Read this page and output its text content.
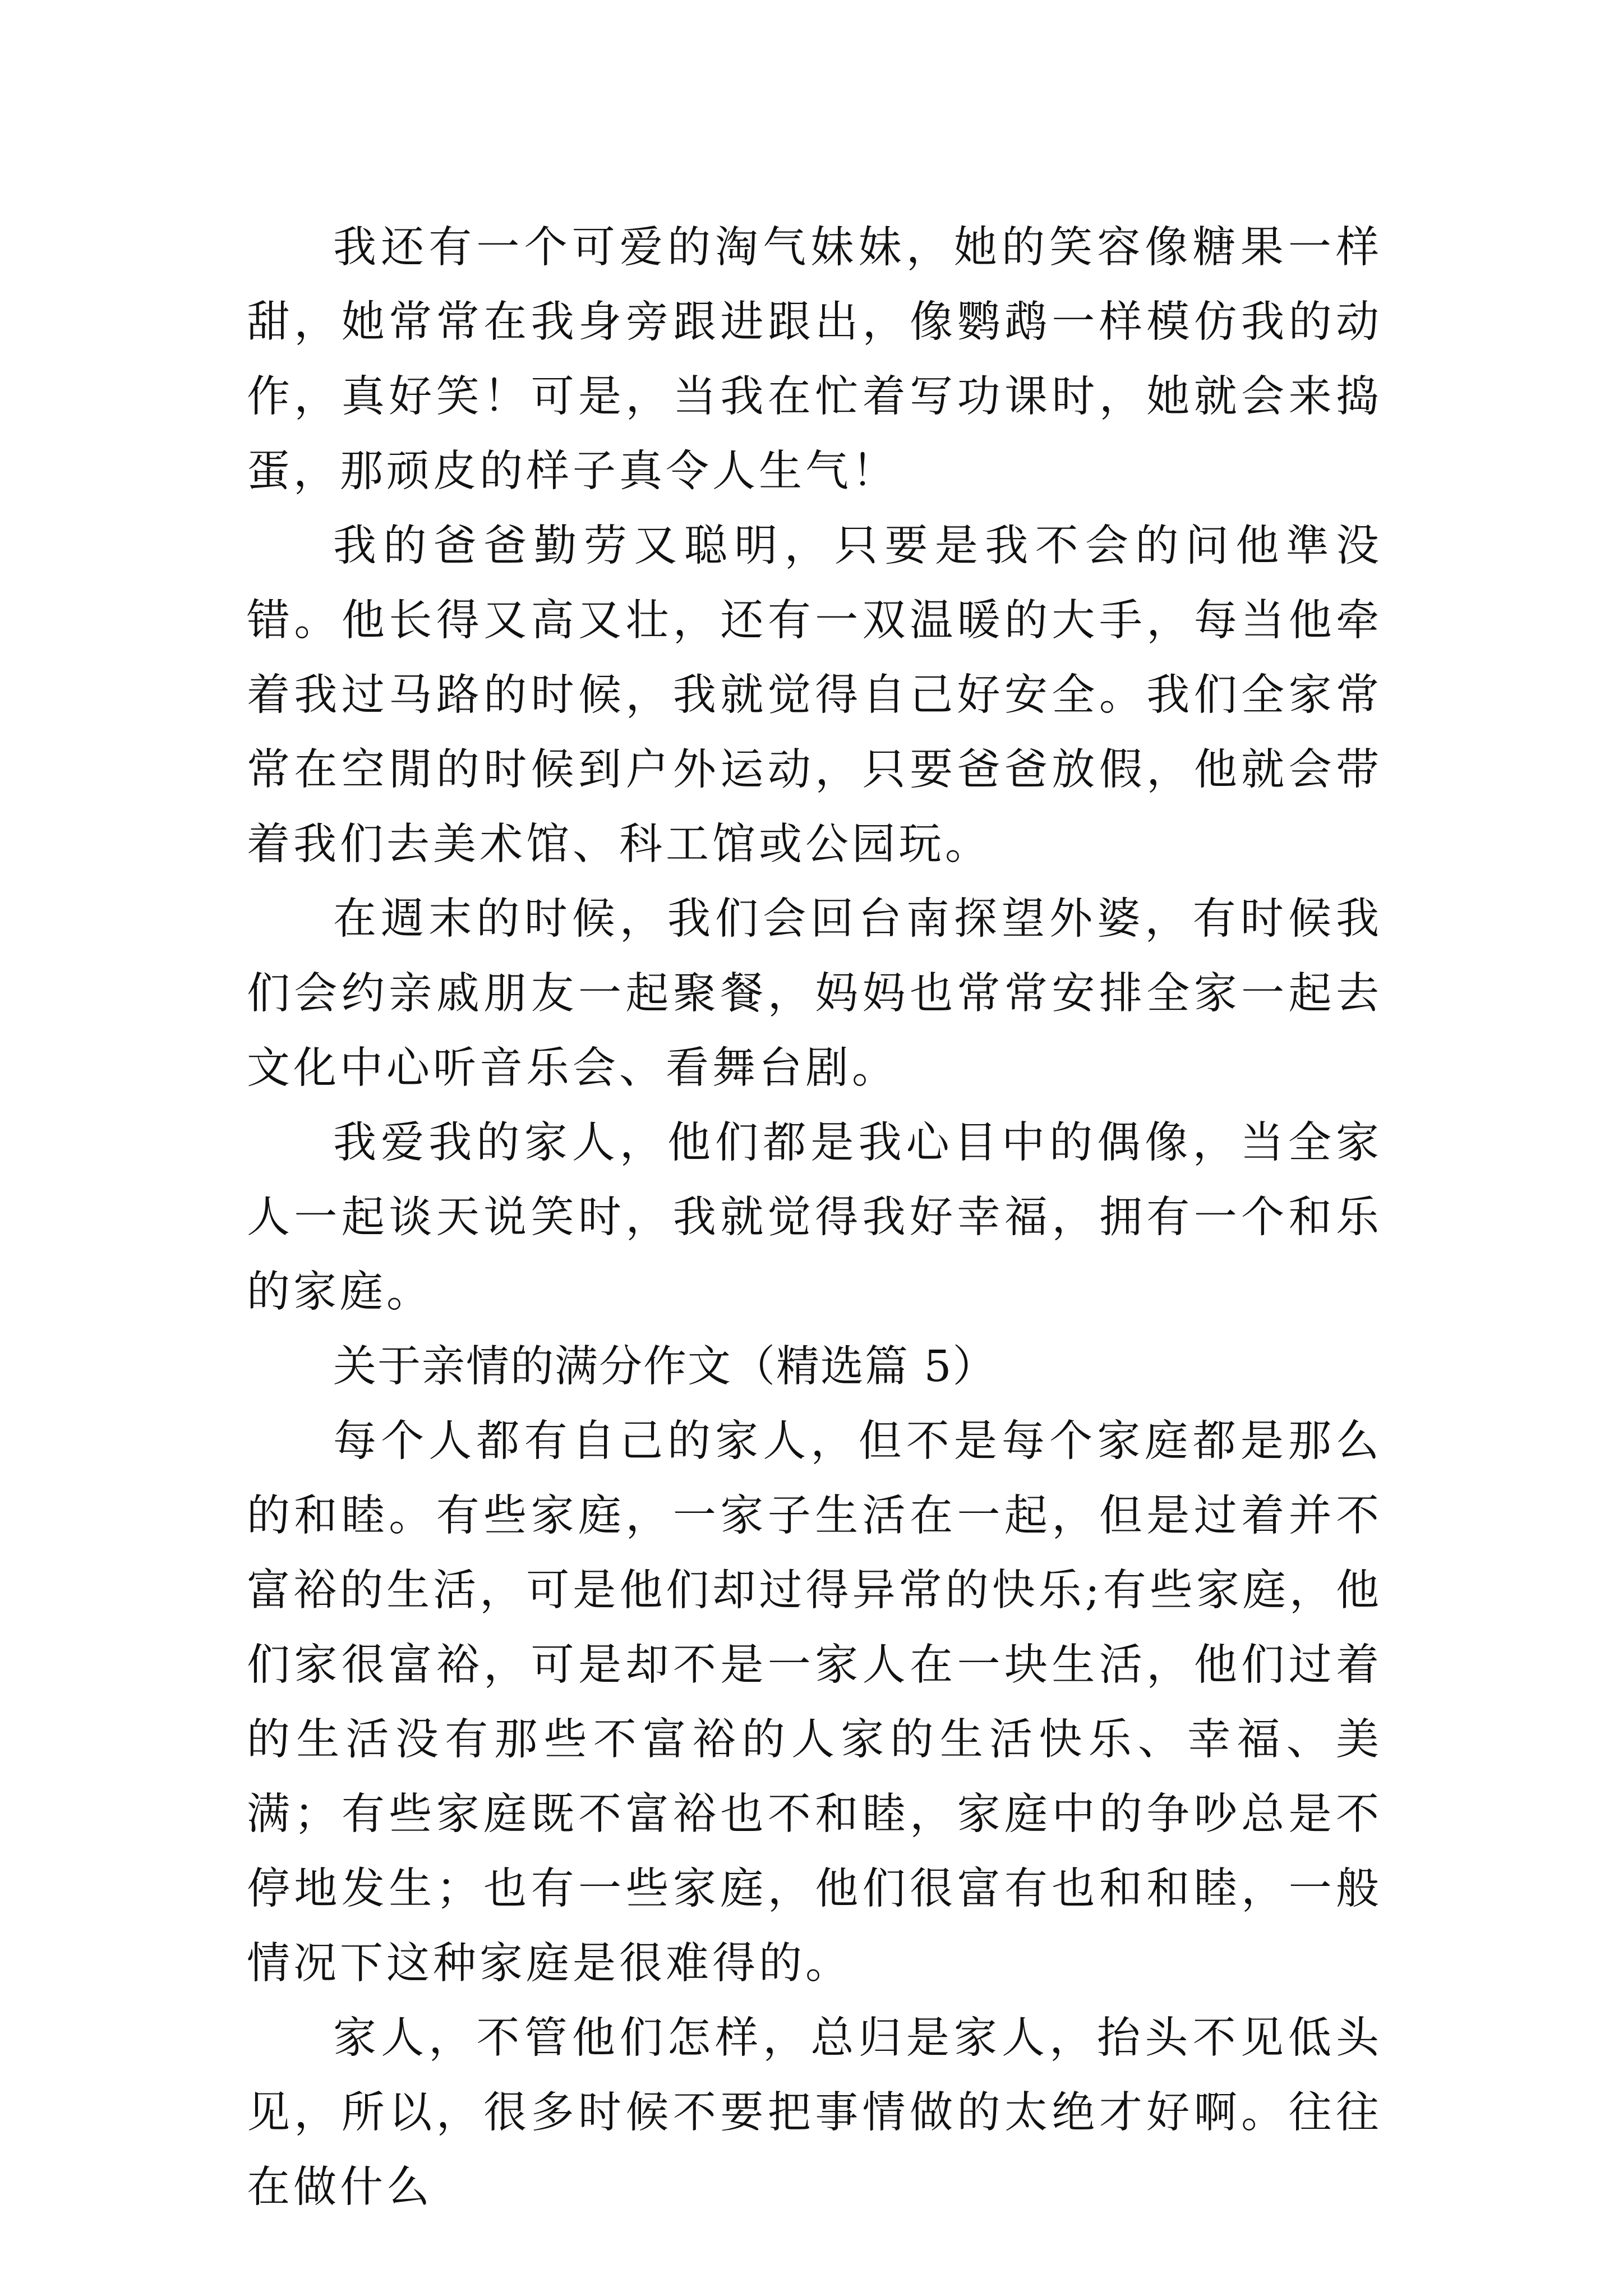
我还有一个可爱的淘气妹妹，她的笑容像糖果一样甜，她常常在我身旁跟进跟出，像鹦鹉一样模仿我的动作，真好笑！可是，当我在忙着写功课时，她就会来捣蛋，那顽皮的样子真令人生气！

我的爸爸勤劳又聪明，只要是我不会的问他準没错。他长得又高又壮，还有一双温暖的大手，每当他牵着我过马路的时候，我就觉得自己好安全。我们全家常常在空閒的时候到户外运动，只要爸爸放假，他就会带着我们去美术馆、科工馆或公园玩。

在週末的时候，我们会回台南探望外婆，有时候我们会约亲戚朋友一起聚餐，妈妈也常常安排全家一起去文化中心听音乐会、看舞台剧。

我爱我的家人，他们都是我心目中的偶像，当全家人一起谈天说笑时，我就觉得我好幸福，拥有一个和乐的家庭。

关于亲情的满分作文（精选篇 5）

每个人都有自己的家人，但不是每个家庭都是那么的和睦。有些家庭，一家子生活在一起，但是过着并不富裕的生活，可是他们却过得异常的快乐;有些家庭，他们家很富裕，可是却不是一家人在一块生活，他们过着的生活没有那些不富裕的人家的生活快乐、幸福、美满；有些家庭既不富裕也不和睦，家庭中的争吵总是不停地发生；也有一些家庭，他们很富有也和和睦，一般情况下这种家庭是很难得的。

家人，不管他们怎样，总归是家人，抬头不见低头见，所以，很多时候不要把事情做的太绝才好啊。往往在做什么
